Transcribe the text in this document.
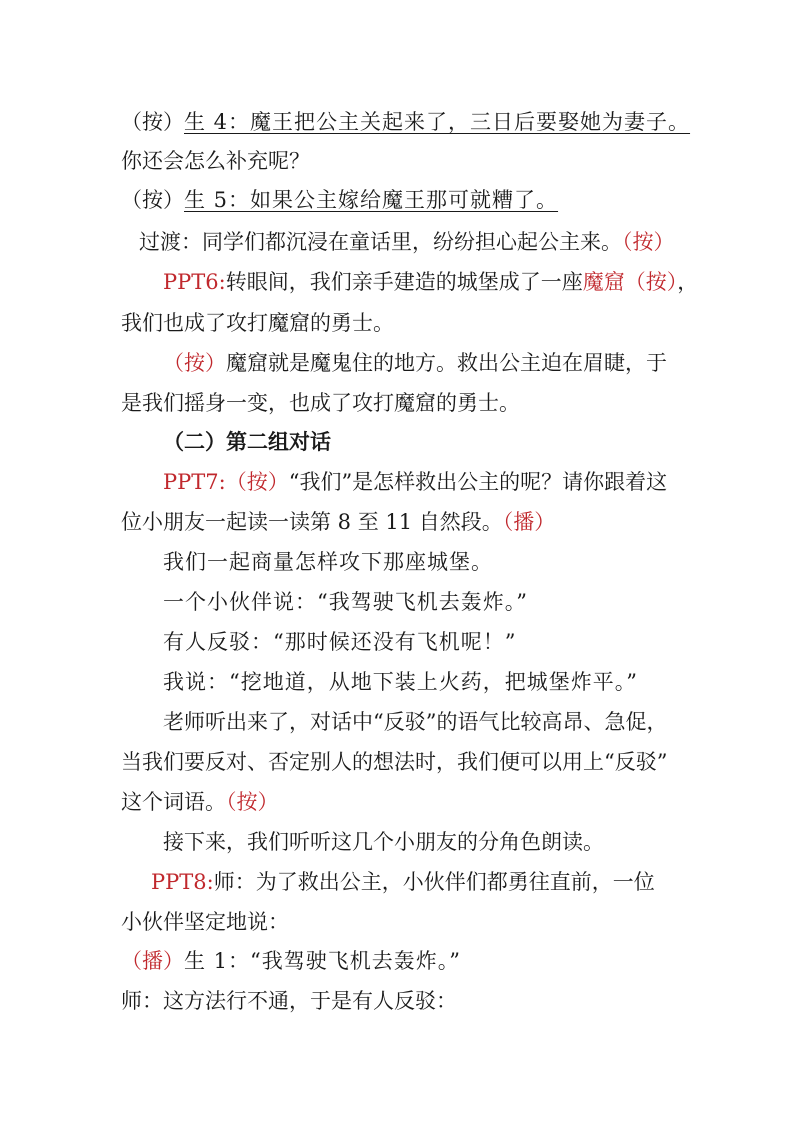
（按）生 4：魔王把公主关起来了，三日后要娶她为妻子。
你还会怎么补充呢？
（按）生 5：如果公主嫁给魔王那可就糟了。
过渡：同学们都沉浸在童话里，纷纷担心起公主来。（按）
PPT6:转眼间，我们亲手建造的城堡成了一座魔窟（按），
我们也成了攻打魔窟的勇士。
（按）魔窟就是魔鬼住的地方。救出公主迫在眉睫，于
是我们摇身一变，也成了攻打魔窟的勇士。
（二）第二组对话
PPT7:（按）“我们”是怎样救出公主的呢？请你跟着这
位小朋友一起读一读第 8 至 11 自然段。（播）
我们一起商量怎样攻下那座城堡。
一个小伙伴说：“我驾驶飞机去轰炸。”
有人反驳：“那时候还没有飞机呢！”
我说：“挖地道，从地下装上火药，把城堡炸平。”
老师听出来了，对话中“反驳”的语气比较高昂、急促，
当我们要反对、否定别人的想法时，我们便可以用上“反驳”
这个词语。（按）
接下来，我们听听这几个小朋友的分角色朗读。
PPT8:师：为了救出公主，小伙伴们都勇往直前，一位
小伙伴坚定地说：
（播）生 1：“我驾驶飞机去轰炸。”
师：这方法行不通，于是有人反驳：
